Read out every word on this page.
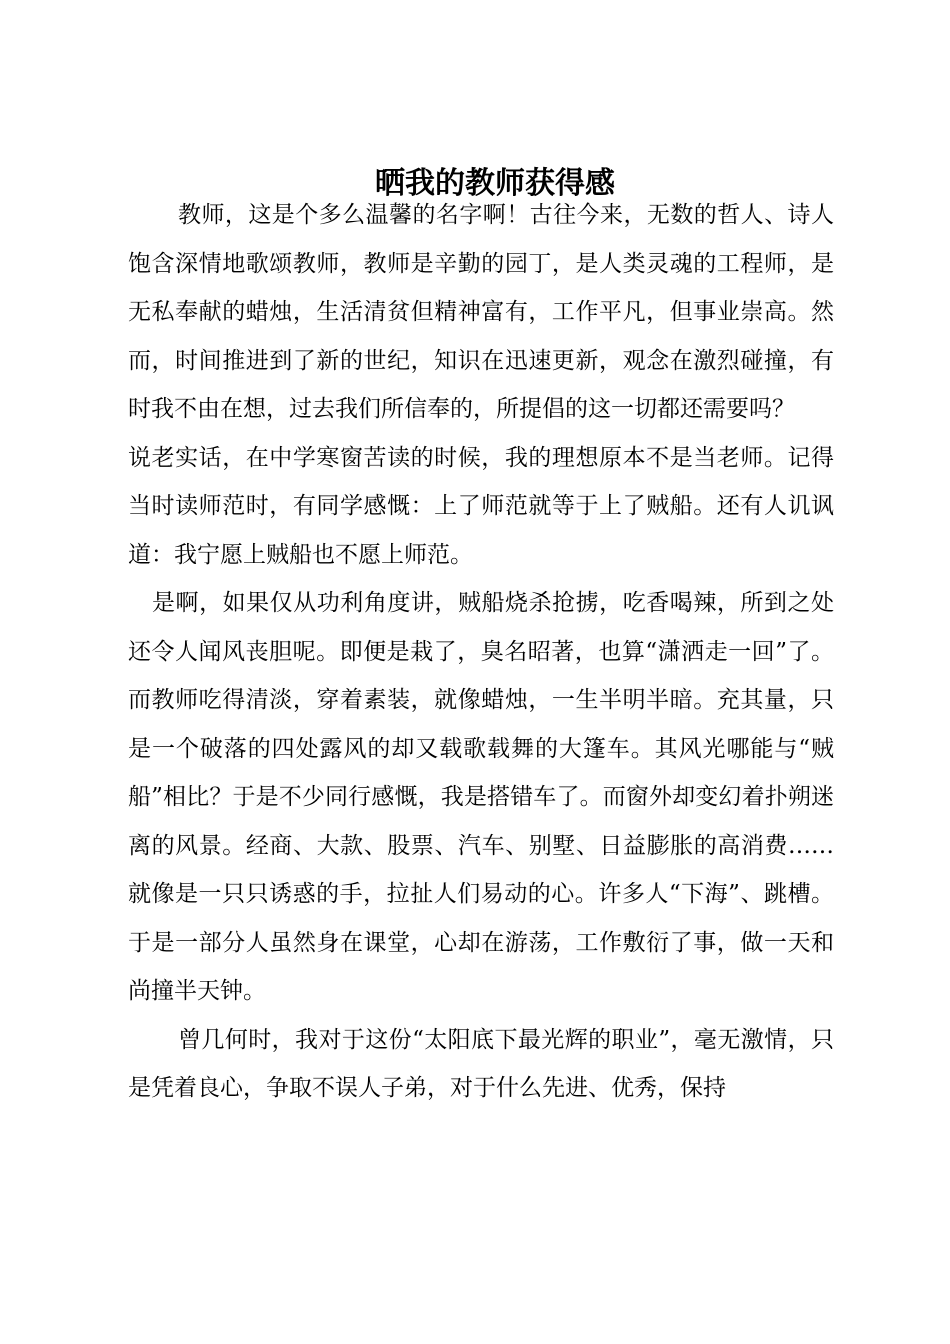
晒我的教师获得感

教师，这是个多么温馨的名字啊！古往今来，无数的哲人、诗人饱含深情地歌颂教师，教师是辛勤的园丁，是人类灵魂的工程师，是无私奉献的蜡烛，生活清贫但精神富有，工作平凡，但事业崇高。然而，时间推进到了新的世纪，知识在迅速更新，观念在激烈碰撞，有时我不由在想，过去我们所信奉的，所提倡的这一切都还需要吗？

说老实话，在中学寒窗苦读的时候，我的理想原本不是当老师。记得当时读师范时，有同学感慨：上了师范就等于上了贼船。还有人讥讽道：我宁愿上贼船也不愿上师范。

是啊，如果仅从功利角度讲，贼船烧杀抢掳，吃香喝辣，所到之处还令人闻风丧胆呢。即便是栽了，臭名昭著，也算“潇洒走一回”了。而教师吃得清淡，穿着素装，就像蜡烛，一生半明半暗。充其量，只是一个破落的四处露风的却又载歌载舞的大篷车。其风光哪能与“贼船”相比？于是不少同行感慨，我是搭错车了。而窗外却变幻着扑朔迷离的风景。经商、大款、股票、汽车、别墅、日益膨胀的高消费……就像是一只只诱惑的手，拉扯人们易动的心。许多人“下海”、跳槽。于是一部分人虽然身在课堂，心却在游荡，工作敷衍了事，做一天和尚撞半天钟。

曾几何时，我对于这份“太阳底下最光辉的职业”，毫无激情，只是凭着良心，争取不误人子弟，对于什么先进、优秀，保持
